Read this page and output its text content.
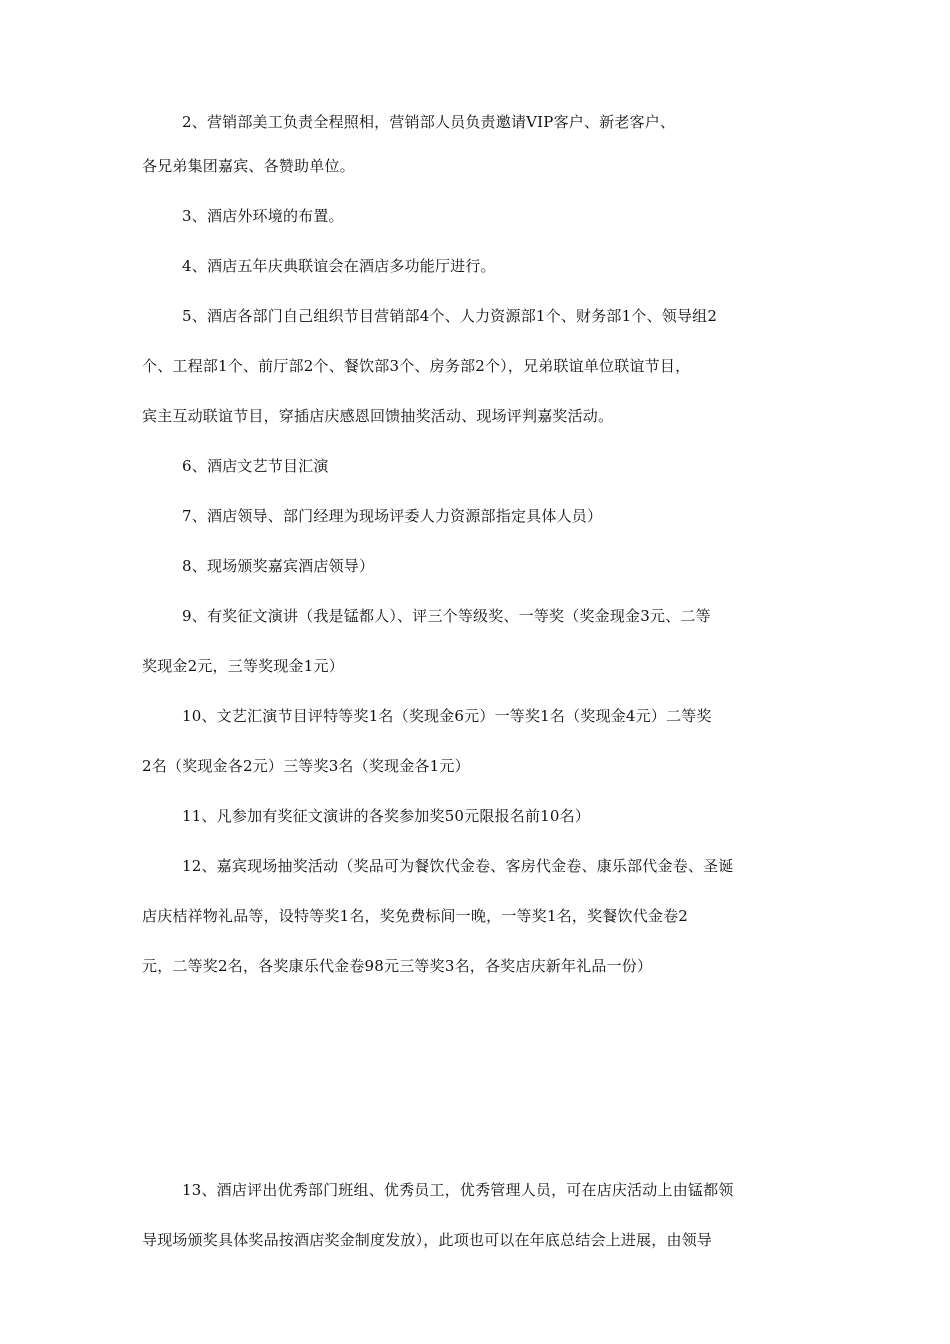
2、营销部美工负责全程照相，营销部人员负责邀请VIP客户、新老客户、
各兄弟集团嘉宾、各赞助单位。
3、酒店外环境的布置。
4、酒店五年庆典联谊会在酒店多功能厅进行。
5、酒店各部门自己组织节目营销部4个、人力资源部1个、财务部1个、领导组2
个、工程部1个、前厅部2个、餐饮部3个、房务部2个），兄弟联谊单位联谊节目，
宾主互动联谊节目，穿插店庆感恩回馈抽奖活动、现场评判嘉奖活动。
6、酒店文艺节目汇演
7、酒店领导、部门经理为现场评委人力资源部指定具体人员）
8、现场颁奖嘉宾酒店领导）
9、有奖征文演讲（我是锰都人）、评三个等级奖、一等奖（奖金现金3元、二等
奖现金2元，三等奖现金1元）
10、文艺汇演节目评特等奖1名（奖现金6元）一等奖1名（奖现金4元）二等奖
2名（奖现金各2元）三等奖3名（奖现金各1元）
11、凡参加有奖征文演讲的各奖参加奖50元限报名前10名）
12、嘉宾现场抽奖活动（奖品可为餐饮代金卷、客房代金卷、康乐部代金卷、圣诞
店庆桔祥物礼品等，设特等奖1名，奖免费标间一晚，一等奖1名，奖餐饮代金卷2
元，二等奖2名，各奖康乐代金卷98元三等奖3名，各奖店庆新年礼品一份）
13、酒店评出优秀部门班组、优秀员工，优秀管理人员，可在店庆活动上由锰都领
导现场颁奖具体奖品按酒店奖金制度发放），此项也可以在年底总结会上进展，由领导
